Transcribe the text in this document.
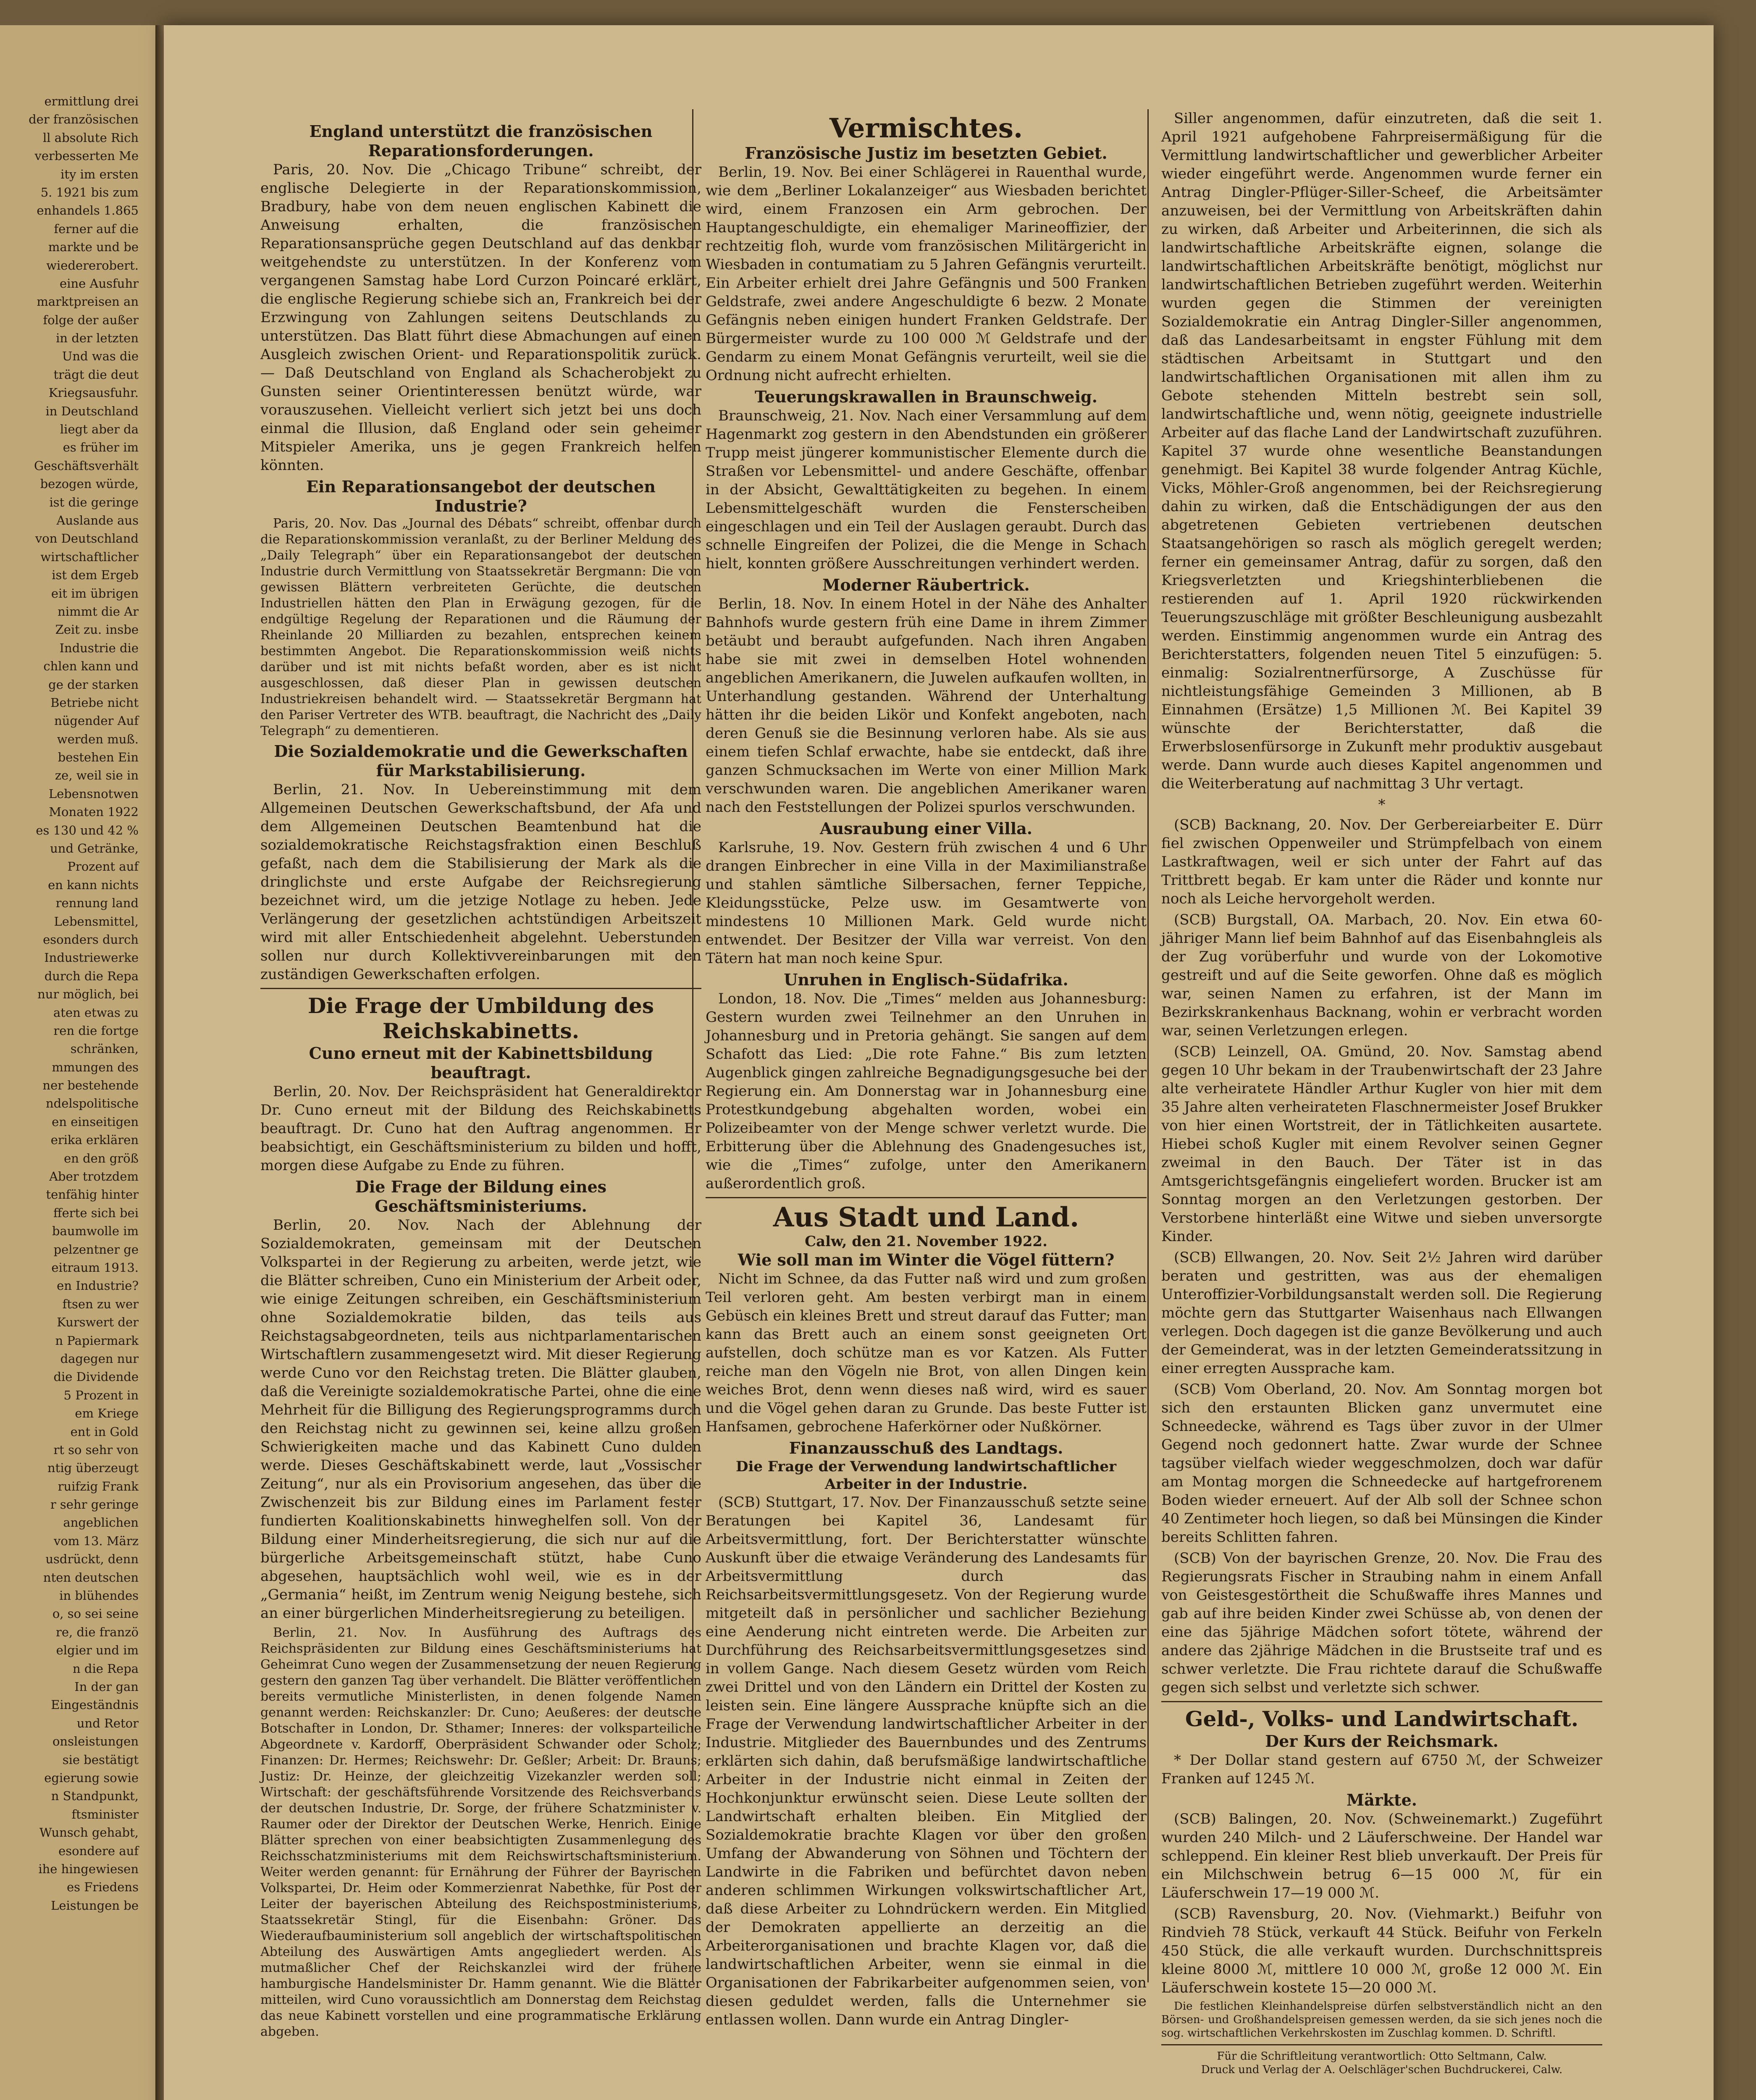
ermittlung drei
der französischen
ll absolute Rich
verbesserten Me
ity im ersten
5. 1921 bis zum
enhandels 1.865
ferner auf die
markte und be
wiedererobert.
eine Ausfuhr
marktpreisen an
folge der außer
in der letzten
Und was die
trägt die deut
Kriegsausfuhr.
in Deutschland
liegt aber da
es früher im
Geschäftsverhält
bezogen würde,
ist die geringe
Auslande aus
von Deutschland
wirtschaftlicher
ist dem Ergeb
eit im übrigen
nimmt die Ar
Zeit zu. insbe
Industrie die
chlen kann und
ge der starken
Betriebe nicht
nügender Auf
werden muß.
bestehen Ein
ze, weil sie in
Lebensnotwen
Monaten 1922
es 130 und 42 %
und Getränke,
Prozent auf
en kann nichts
rennung land
Lebensmittel,
esonders durch
Industriewerke
durch die Repa
nur möglich, bei
aten etwas zu
ren die fortge
schränken,
mmungen des
ner bestehende
ndelspolitische
en einseitigen
erika erklären
en den größ
Aber trotzdem
tenfähig hinter
fferte sich bei
baumwolle im
pelzentner ge
eitraum 1913.
en Industrie?
ftsen zu wer
Kurswert der
n Papiermark
dagegen nur
die Dividende
5 Prozent in
em Kriege
ent in Gold
rt so sehr von
ntig überzeugt
ruifzig Frank
r sehr geringe
angeblichen
vom 13. März
usdrückt, denn
nten deutschen
in blühendes
o, so sei seine
re, die franzö
elgier und im
n die Repa
In der gan
Eingeständnis
und Retor
onsleistungen
sie bestätigt
egierung sowie
n Standpunkt,
ftsminister
Wunsch gehabt,
esondere auf
ihe hingewiesen
es Friedens
Leistungen be
England unterstützt die französischen Reparationsforderungen.

Paris, 20. Nov. Die „Chicago Tribune“ schreibt, der englische Delegierte in der Reparationskommission, Bradbury, habe von dem neuen englischen Kabinett die Anweisung erhalten, die französischen Reparationsansprüche gegen Deutschland auf das denkbar weitgehendste zu unterstützen. In der Konferenz vom vergangenen Samstag habe Lord Curzon Poincaré erklärt, die englische Regierung schiebe sich an, Frankreich bei der Erzwingung von Zahlungen seitens Deutschlands zu unterstützen. Das Blatt führt diese Abmachungen auf einen Ausgleich zwischen Orient- und Reparationspolitik zurück. — Daß Deutschland von England als Schacherobjekt zu Gunsten seiner Orientinteressen benützt würde, war vorauszusehen. Vielleicht verliert sich jetzt bei uns doch einmal die Illusion, daß England oder sein geheimer Mitspieler Amerika, uns je gegen Frankreich helfen könnten.

Ein Reparationsangebot der deutschen Industrie?

Paris, 20. Nov. Das „Journal des Débats“ schreibt, offenbar durch die Reparationskommission veranlaßt, zu der Berliner Meldung des „Daily Telegraph“ über ein Reparationsangebot der deutschen Industrie durch Vermittlung von Staatssekretär Bergmann: Die von gewissen Blättern verbreiteten Gerüchte, die deutschen Industriellen hätten den Plan in Erwägung gezogen, für die endgültige Regelung der Reparationen und die Räumung der Rheinlande 20 Milliarden zu bezahlen, entsprechen keinem bestimmten Angebot. Die Reparationskommission weiß nichts darüber und ist mit nichts befaßt worden, aber es ist nicht ausgeschlossen, daß dieser Plan in gewissen deutschen Industriekreisen behandelt wird. — Staatssekretär Bergmann hat den Pariser Vertreter des WTB. beauftragt, die Nachricht des „Daily Telegraph“ zu dementieren.

Die Sozialdemokratie und die Gewerkschaften für Markstabilisierung.

Berlin, 21. Nov. In Uebereinstimmung mit dem Allgemeinen Deutschen Gewerkschaftsbund, der Afa und dem Allgemeinen Deutschen Beamtenbund hat die sozialdemokratische Reichstagsfraktion einen Beschluß gefaßt, nach dem die Stabilisierung der Mark als die dringlichste und erste Aufgabe der Reichsregierung bezeichnet wird, um die jetzige Notlage zu heben. Jede Verlängerung der gesetzlichen achtstündigen Arbeitszeit wird mit aller Entschiedenheit abgelehnt. Ueberstunden sollen nur durch Kollektivvereinbarungen mit den zuständigen Gewerkschaften erfolgen.

Die Frage der Umbildung des Reichskabinetts.
Cuno erneut mit der Kabinettsbildung beauftragt.

Berlin, 20. Nov. Der Reichspräsident hat Generaldirektor Dr. Cuno erneut mit der Bildung des Reichskabinetts beauftragt. Dr. Cuno hat den Auftrag angenommen. Er beabsichtigt, ein Geschäftsministerium zu bilden und hofft, morgen diese Aufgabe zu Ende zu führen.

Die Frage der Bildung eines Geschäftsministeriums.

Berlin, 20. Nov. Nach der Ablehnung der Sozialdemokraten, gemeinsam mit der Deutschen Volkspartei in der Regierung zu arbeiten, werde jetzt, wie die Blätter schreiben, Cuno ein Ministerium der Arbeit oder, wie einige Zeitungen schreiben, ein Geschäftsministerium ohne Sozialdemokratie bilden, das teils aus Reichstagsabgeordneten, teils aus nichtparlamentarischen Wirtschaftlern zusammengesetzt wird. Mit dieser Regierung werde Cuno vor den Reichstag treten. Die Blätter glauben, daß die Vereinigte sozialdemokratische Partei, ohne die eine Mehrheit für die Billigung des Regierungsprogramms durch den Reichstag nicht zu gewinnen sei, keine allzu großen Schwierigkeiten mache und das Kabinett Cuno dulden werde. Dieses Geschäftskabinett werde, laut „Vossischer Zeitung“, nur als ein Provisorium angesehen, das über die Zwischenzeit bis zur Bildung eines im Parlament fester fundierten Koalitionskabinetts hinweghelfen soll. Von der Bildung einer Minderheitsregierung, die sich nur auf die bürgerliche Arbeitsgemeinschaft stützt, habe Cuno abgesehen, hauptsächlich wohl weil, wie es in der „Germania“ heißt, im Zentrum wenig Neigung bestehe, sich an einer bürgerlichen Minderheitsregierung zu beteiligen.

Berlin, 21. Nov. In Ausführung des Auftrags des Reichspräsidenten zur Bildung eines Geschäftsministeriums hat Geheimrat Cuno wegen der Zusammensetzung der neuen Regierung gestern den ganzen Tag über verhandelt. Die Blätter veröffentlichen bereits vermutliche Ministerlisten, in denen folgende Namen genannt werden: Reichskanzler: Dr. Cuno; Aeußeres: der deutsche Botschafter in London, Dr. Sthamer; Inneres: der volksparteiliche Abgeordnete v. Kardorff, Oberpräsident Schwander oder Scholz; Finanzen: Dr. Hermes; Reichswehr: Dr. Geßler; Arbeit: Dr. Brauns; Justiz: Dr. Heinze, der gleichzeitig Vizekanzler werden soll; Wirtschaft: der geschäftsführende Vorsitzende des Reichsverbands der deutschen Industrie, Dr. Sorge, der frühere Schatzminister v. Raumer oder der Direktor der Deutschen Werke, Henrich. Einige Blätter sprechen von einer beabsichtigten Zusammenlegung des Reichsschatzministeriums mit dem Reichswirtschaftsministerium. Weiter werden genannt: für Ernährung der Führer der Bayrischen Volkspartei, Dr. Heim oder Kommerzienrat Nabethke, für Post der Leiter der bayerischen Abteilung des Reichspostministeriums, Staatssekretär Stingl, für die Eisenbahn: Gröner. Das Wiederaufbauministerium soll angeblich der wirtschaftspolitischen Abteilung des Auswärtigen Amts angegliedert werden. Als mutmaßlicher Chef der Reichskanzlei wird der frühere hamburgische Handelsminister Dr. Hamm genannt. Wie die Blätter mitteilen, wird Cuno voraussichtlich am Donnerstag dem Reichstag das neue Kabinett vorstellen und eine programmatische Erklärung abgeben.

Vermischtes.
Französische Justiz im besetzten Gebiet.

Berlin, 19. Nov. Bei einer Schlägerei in Rauenthal wurde, wie dem „Berliner Lokalanzeiger“ aus Wiesbaden berichtet wird, einem Franzosen ein Arm gebrochen. Der Hauptangeschuldigte, ein ehemaliger Marineoffizier, der rechtzeitig floh, wurde vom französischen Militärgericht in Wiesbaden in contumatiam zu 5 Jahren Gefängnis verurteilt. Ein Arbeiter erhielt drei Jahre Gefängnis und 500 Franken Geldstrafe, zwei andere Angeschuldigte 6 bezw. 2 Monate Gefängnis neben einigen hundert Franken Geldstrafe. Der Bürgermeister wurde zu 100 000 ℳ Geldstrafe und der Gendarm zu einem Monat Gefängnis verurteilt, weil sie die Ordnung nicht aufrecht erhielten.

Teuerungskrawallen in Braunschweig.

Braunschweig, 21. Nov. Nach einer Versammlung auf dem Hagenmarkt zog gestern in den Abendstunden ein größerer Trupp meist jüngerer kommunistischer Elemente durch die Straßen vor Lebensmittel- und andere Geschäfte, offenbar in der Absicht, Gewalttätigkeiten zu begehen. In einem Lebensmittelgeschäft wurden die Fensterscheiben eingeschlagen und ein Teil der Auslagen geraubt. Durch das schnelle Eingreifen der Polizei, die die Menge in Schach hielt, konnten größere Ausschreitungen verhindert werden.

Moderner Räubertrick.

Berlin, 18. Nov. In einem Hotel in der Nähe des Anhalter Bahnhofs wurde gestern früh eine Dame in ihrem Zimmer betäubt und beraubt aufgefunden. Nach ihren Angaben habe sie mit zwei in demselben Hotel wohnenden angeblichen Amerikanern, die Juwelen aufkaufen wollten, in Unterhandlung gestanden. Während der Unterhaltung hätten ihr die beiden Likör und Konfekt angeboten, nach deren Genuß sie die Besinnung verloren habe. Als sie aus einem tiefen Schlaf erwachte, habe sie entdeckt, daß ihre ganzen Schmucksachen im Werte von einer Million Mark verschwunden waren. Die angeblichen Amerikaner waren nach den Feststellungen der Polizei spurlos verschwunden.

Ausraubung einer Villa.

Karlsruhe, 19. Nov. Gestern früh zwischen 4 und 6 Uhr drangen Einbrecher in eine Villa in der Maximilianstraße und stahlen sämtliche Silbersachen, ferner Teppiche, Kleidungsstücke, Pelze usw. im Gesamtwerte von mindestens 10 Millionen Mark. Geld wurde nicht entwendet. Der Besitzer der Villa war verreist. Von den Tätern hat man noch keine Spur.

Unruhen in Englisch-Südafrika.

London, 18. Nov. Die „Times“ melden aus Johannesburg: Gestern wurden zwei Teilnehmer an den Unruhen in Johannesburg und in Pretoria gehängt. Sie sangen auf dem Schafott das Lied: „Die rote Fahne.“ Bis zum letzten Augenblick gingen zahlreiche Begnadigungsgesuche bei der Regierung ein. Am Donnerstag war in Johannesburg eine Protestkundgebung abgehalten worden, wobei ein Polizeibeamter von der Menge schwer verletzt wurde. Die Erbitterung über die Ablehnung des Gnadengesuches ist, wie die „Times“ zufolge, unter den Amerikanern außerordentlich groß.

Aus Stadt und Land.
Calw, den 21. November 1922.
Wie soll man im Winter die Vögel füttern?

Nicht im Schnee, da das Futter naß wird und zum großen Teil verloren geht. Am besten verbirgt man in einem Gebüsch ein kleines Brett und streut darauf das Futter; man kann das Brett auch an einem sonst geeigneten Ort aufstellen, doch schütze man es vor Katzen. Als Futter reiche man den Vögeln nie Brot, von allen Dingen kein weiches Brot, denn wenn dieses naß wird, wird es sauer und die Vögel gehen daran zu Grunde. Das beste Futter ist Hanfsamen, gebrochene Haferkörner oder Nußkörner.

Finanzausschuß des Landtags.
Die Frage der Verwendung landwirtschaftlicher Arbeiter in der Industrie.

(SCB) Stuttgart, 17. Nov. Der Finanzausschuß setzte seine Beratungen bei Kapitel 36, Landesamt für Arbeitsvermittlung, fort. Der Berichterstatter wünschte Auskunft über die etwaige Veränderung des Landesamts für Arbeitsvermittlung durch das Reichsarbeitsvermittlungsgesetz. Von der Regierung wurde mitgeteilt daß in persönlicher und sachlicher Beziehung eine Aenderung nicht eintreten werde. Die Arbeiten zur Durchführung des Reichsarbeitsvermittlungsgesetzes sind in vollem Gange. Nach diesem Gesetz würden vom Reich zwei Drittel und von den Ländern ein Drittel der Kosten zu leisten sein. Eine längere Aussprache knüpfte sich an die Frage der Verwendung landwirtschaftlicher Arbeiter in der Industrie. Mitglieder des Bauernbundes und des Zentrums erklärten sich dahin, daß berufsmäßige landwirtschaftliche Arbeiter in der Industrie nicht einmal in Zeiten der Hochkonjunktur erwünscht seien. Diese Leute sollten der Landwirtschaft erhalten bleiben. Ein Mitglied der Sozialdemokratie brachte Klagen vor über den großen Umfang der Abwanderung von Söhnen und Töchtern der Landwirte in die Fabriken und befürchtet davon neben anderen schlimmen Wirkungen volkswirtschaftlicher Art, daß diese Arbeiter zu Lohndrückern werden. Ein Mitglied der Demokraten appellierte an derzeitig an die Arbeiterorganisationen und brachte Klagen vor, daß die landwirtschaftlichen Arbeiter, wenn sie einmal in die Organisationen der Fabrikarbeiter aufgenommen seien, von diesen geduldet werden, falls die Unternehmer sie entlassen wollen. Dann wurde ein Antrag Dingler-

Siller angenommen, dafür einzutreten, daß die seit 1. April 1921 aufgehobene Fahrpreisermäßigung für die Vermittlung landwirtschaftlicher und gewerblicher Arbeiter wieder eingeführt werde. Angenommen wurde ferner ein Antrag Dingler-Pflüger-Siller-Scheef, die Arbeitsämter anzuweisen, bei der Vermittlung von Arbeitskräften dahin zu wirken, daß Arbeiter und Arbeiterinnen, die sich als landwirtschaftliche Arbeitskräfte eignen, solange die landwirtschaftlichen Arbeitskräfte benötigt, möglichst nur landwirtschaftlichen Betrieben zugeführt werden. Weiterhin wurden gegen die Stimmen der vereinigten Sozialdemokratie ein Antrag Dingler-Siller angenommen, daß das Landesarbeitsamt in engster Fühlung mit dem städtischen Arbeitsamt in Stuttgart und den landwirtschaftlichen Organisationen mit allen ihm zu Gebote stehenden Mitteln bestrebt sein soll, landwirtschaftliche und, wenn nötig, geeignete industrielle Arbeiter auf das flache Land der Landwirtschaft zuzuführen. Kapitel 37 wurde ohne wesentliche Beanstandungen genehmigt. Bei Kapitel 38 wurde folgender Antrag Küchle, Vicks, Möhler-Groß angenommen, bei der Reichsregierung dahin zu wirken, daß die Entschädigungen der aus den abgetretenen Gebieten vertriebenen deutschen Staatsangehörigen so rasch als möglich geregelt werden; ferner ein gemeinsamer Antrag, dafür zu sorgen, daß den Kriegsverletzten und Kriegshinterbliebenen die restierenden auf 1. April 1920 rückwirkenden Teuerungszuschläge mit größter Beschleunigung ausbezahlt werden. Einstimmig angenommen wurde ein Antrag des Berichterstatters, folgenden neuen Titel 5 einzufügen: 5. einmalig: Sozialrentnerfürsorge, A Zuschüsse für nichtleistungsfähige Gemeinden 3 Millionen, ab B Einnahmen (Ersätze) 1,5 Millionen ℳ. Bei Kapitel 39 wünschte der Berichterstatter, daß die Erwerbslosenfürsorge in Zukunft mehr produktiv ausgebaut werde. Dann wurde auch dieses Kapitel angenommen und die Weiterberatung auf nachmittag 3 Uhr vertagt.

*

(SCB) Backnang, 20. Nov. Der Gerbereiarbeiter E. Dürr fiel zwischen Oppenweiler und Strümpfelbach von einem Lastkraftwagen, weil er sich unter der Fahrt auf das Trittbrett begab. Er kam unter die Räder und konnte nur noch als Leiche hervorgeholt werden.

(SCB) Burgstall, OA. Marbach, 20. Nov. Ein etwa 60-jähriger Mann lief beim Bahnhof auf das Eisenbahngleis als der Zug vorüberfuhr und wurde von der Lokomotive gestreift und auf die Seite geworfen. Ohne daß es möglich war, seinen Namen zu erfahren, ist der Mann im Bezirkskrankenhaus Backnang, wohin er verbracht worden war, seinen Verletzungen erlegen.

(SCB) Leinzell, OA. Gmünd, 20. Nov. Samstag abend gegen 10 Uhr bekam in der Traubenwirtschaft der 23 Jahre alte verheiratete Händler Arthur Kugler von hier mit dem 35 Jahre alten verheirateten Flaschnermeister Josef Brukker von hier einen Wortstreit, der in Tätlichkeiten ausartete. Hiebei schoß Kugler mit einem Revolver seinen Gegner zweimal in den Bauch. Der Täter ist in das Amtsgerichtsgefängnis eingeliefert worden. Brucker ist am Sonntag morgen an den Verletzungen gestorben. Der Verstorbene hinterläßt eine Witwe und sieben unversorgte Kinder.

(SCB) Ellwangen, 20. Nov. Seit 2½ Jahren wird darüber beraten und gestritten, was aus der ehemaligen Unteroffizier-Vorbildungsanstalt werden soll. Die Regierung möchte gern das Stuttgarter Waisenhaus nach Ellwangen verlegen. Doch dagegen ist die ganze Bevölkerung und auch der Gemeinderat, was in der letzten Gemeinderatssitzung in einer erregten Aussprache kam.

(SCB) Vom Oberland, 20. Nov. Am Sonntag morgen bot sich den erstaunten Blicken ganz unvermutet eine Schneedecke, während es Tags über zuvor in der Ulmer Gegend noch gedonnert hatte. Zwar wurde der Schnee tagsüber vielfach wieder weggeschmolzen, doch war dafür am Montag morgen die Schneedecke auf hartgefrorenem Boden wieder erneuert. Auf der Alb soll der Schnee schon 40 Zentimeter hoch liegen, so daß bei Münsingen die Kinder bereits Schlitten fahren.

(SCB) Von der bayrischen Grenze, 20. Nov. Die Frau des Regierungsrats Fischer in Straubing nahm in einem Anfall von Geistesgestörtheit die Schußwaffe ihres Mannes und gab auf ihre beiden Kinder zwei Schüsse ab, von denen der eine das 5jährige Mädchen sofort tötete, während der andere das 2jährige Mädchen in die Brustseite traf und es schwer verletzte. Die Frau richtete darauf die Schußwaffe gegen sich selbst und verletzte sich schwer.

Geld-, Volks- und Landwirtschaft.
Der Kurs der Reichsmark.

* Der Dollar stand gestern auf 6750 ℳ, der Schweizer Franken auf 1245 ℳ.

Märkte.

(SCB) Balingen, 20. Nov. (Schweinemarkt.) Zugeführt wurden 240 Milch- und 2 Läuferschweine. Der Handel war schleppend. Ein kleiner Rest blieb unverkauft. Der Preis für ein Milchschwein betrug 6—15 000 ℳ, für ein Läuferschwein 17—19 000 ℳ.

(SCB) Ravensburg, 20. Nov. (Viehmarkt.) Beifuhr von Rindvieh 78 Stück, verkauft 44 Stück. Beifuhr von Ferkeln 450 Stück, die alle verkauft wurden. Durchschnittspreis kleine 8000 ℳ, mittlere 10 000 ℳ, große 12 000 ℳ. Ein Läuferschwein kostete 15—20 000 ℳ.

Die festlichen Kleinhandelspreise dürfen selbstverständlich nicht an den Börsen- und Großhandelspreisen gemessen werden, da sie sich jenes noch die sog. wirtschaftlichen Verkehrskosten im Zuschlag kommen. D. Schriftl.

Für die Schriftleitung verantwortlich: Otto Seltmann, Calw.
Druck und Verlag der A. Oelschläger'schen Buchdruckerei, Calw.
